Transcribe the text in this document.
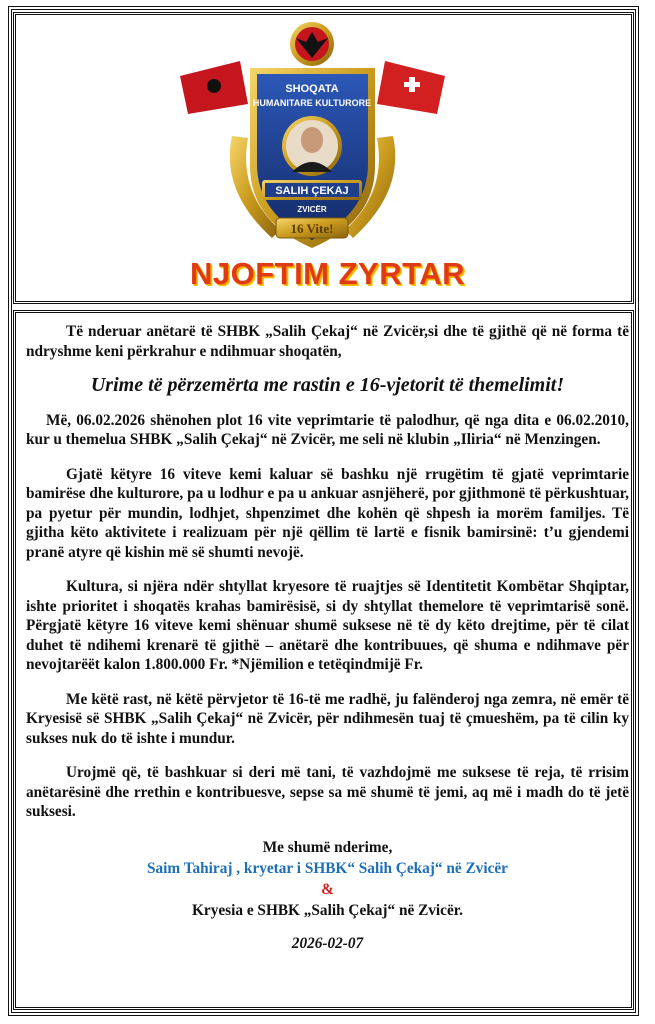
SHOQATA
HUMANITARE KULTURORE
SALIH ÇEKAJ
ZVICËR
16 Vite!
NJOFTIM ZYRTAR

Të nderuar anëtarë të SHBK „Salih Çekaj“ në Zvicër,si dhe të gjithë që në forma të ndryshme keni përkrahur e ndihmuar shoqatën,

Urime të përzemërta me rastin e 16-vjetorit të themelimit!

Më, 06.02.2026 shënohen plot 16 vite veprimtarie të palodhur, që nga dita e 06.02.2010, kur u themelua SHBK „Salih Çekaj“ në Zvicër, me seli në klubin „Iliria“ në Menzingen.

Gjatë këtyre 16 viteve kemi kaluar së bashku një rrugëtim të gjatë veprimtarie bamirëse dhe kulturore, pa u lodhur e pa u ankuar asnjëherë, por gjithmonë të përkushtuar, pa pyetur për mundin, lodhjet, shpenzimet dhe kohën që shpesh ia morëm familjes. Të gjitha këto aktivitete i realizuam për një qëllim të lartë e fisnik bamirsinë: t’u gjendemi pranë atyre që kishin më së shumti nevojë.

Kultura, si njëra ndër shtyllat kryesore të ruajtjes së Identitetit Kombëtar Shqiptar, ishte prioritet i shoqatës krahas bamirësisë, si dy shtyllat themelore të veprimtarisë sonë. Përgjatë këtyre 16 viteve kemi shënuar shumë suksese në të dy këto drejtime, për të cilat duhet të ndihemi krenarë të gjithë – anëtarë dhe kontribuues, që shuma e ndihmave për nevojtarëët kalon 1.800.000 Fr. *Njëmilion e tetëqindmijë Fr.

Me këtë rast, në këtë përvjetor të 16-të me radhë, ju falënderoj nga zemra, në emër të Kryesisë së SHBK „Salih Çekaj“ në Zvicër, për ndihmesën tuaj të çmueshëm, pa të cilin ky sukses nuk do të ishte i mundur.

Urojmë që, të bashkuar si deri më tani, të vazhdojmë me suksese të reja, të rrisim anëtarësinë dhe rrethin e kontribuesve, sepse sa më shumë të jemi, aq më i madh do të jetë suksesi.

Me shumë nderime,
Saim Tahiraj , kryetar i SHBK“ Salih Çekaj“ në Zvicër
&
Kryesia e SHBK „Salih Çekaj“ në Zvicër.
2026-02-07
